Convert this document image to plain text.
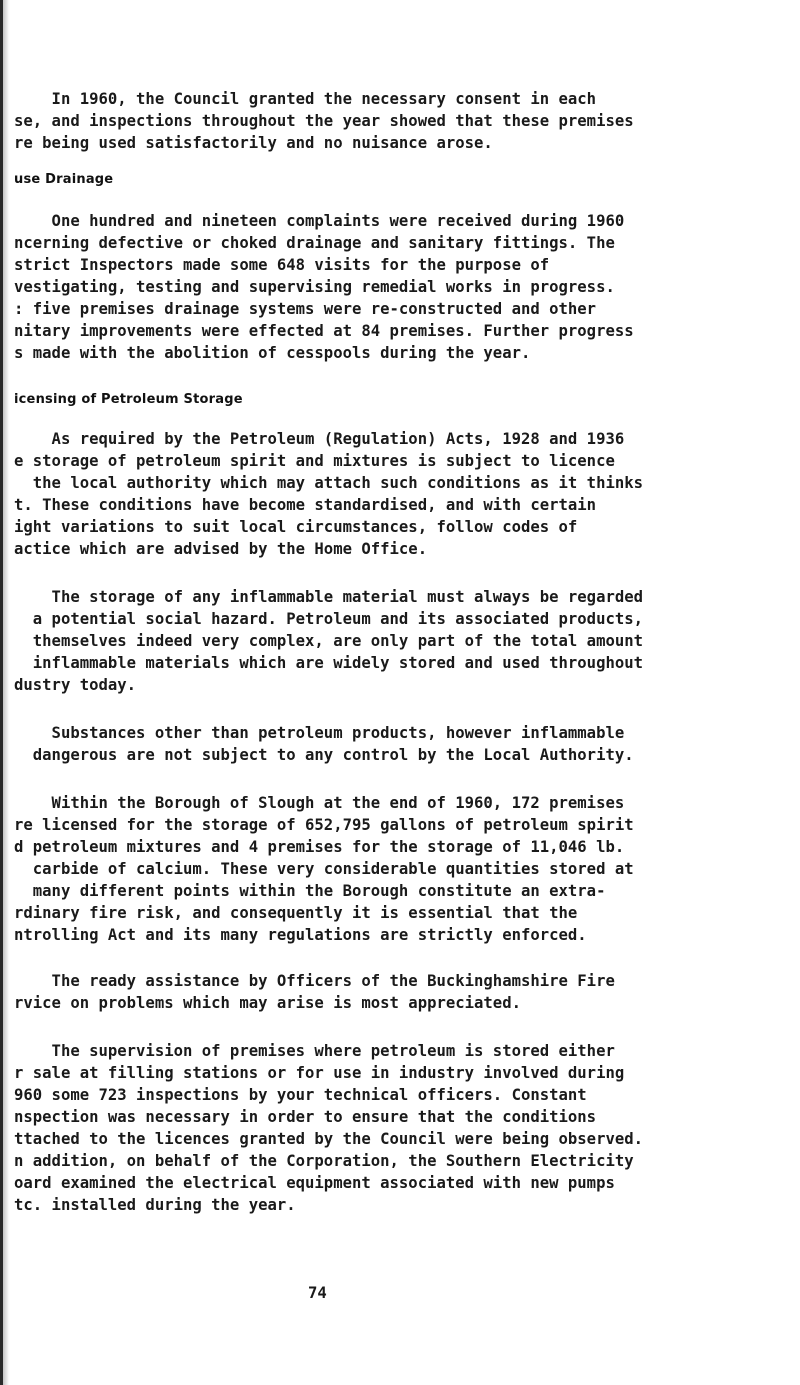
In 1960, the Council granted the necessary consent in each
se, and inspections throughout the year showed that these premises
re being used satisfactorily and no nuisance arose.
use Drainage
One hundred and nineteen complaints were received during 1960
ncerning defective or choked drainage and sanitary fittings. The
strict Inspectors made some 648 visits for the purpose of
vestigating, testing and supervising remedial works in progress.
: five premises drainage systems were re-constructed and other
nitary improvements were effected at 84 premises. Further progress
s made with the abolition of cesspools during the year.
icensing of Petroleum Storage
As required by the Petroleum (Regulation) Acts, 1928 and 1936
e storage of petroleum spirit and mixtures is subject to licence
the local authority which may attach such conditions as it thinks
t. These conditions have become standardised, and with certain
ight variations to suit local circumstances, follow codes of
actice which are advised by the Home Office.
The storage of any inflammable material must always be regarded
a potential social hazard. Petroleum and its associated products,
themselves indeed very complex, are only part of the total amount
inflammable materials which are widely stored and used throughout
dustry today.
Substances other than petroleum products, however inflammable
dangerous are not subject to any control by the Local Authority.
Within the Borough of Slough at the end of 1960, 172 premises
re licensed for the storage of 652,795 gallons of petroleum spirit
d petroleum mixtures and 4 premises for the storage of 11,046 lb.
carbide of calcium. These very considerable quantities stored at
many different points within the Borough constitute an extra-
rdinary fire risk, and consequently it is essential that the
ntrolling Act and its many regulations are strictly enforced.
The ready assistance by Officers of the Buckinghamshire Fire
rvice on problems which may arise is most appreciated.
The supervision of premises where petroleum is stored either
r sale at filling stations or for use in industry involved during
960 some 723 inspections by your technical officers. Constant
nspection was necessary in order to ensure that the conditions
ttached to the licences granted by the Council were being observed.
n addition, on behalf of the Corporation, the Southern Electricity
oard examined the electrical equipment associated with new pumps
tc. installed during the year.
74
